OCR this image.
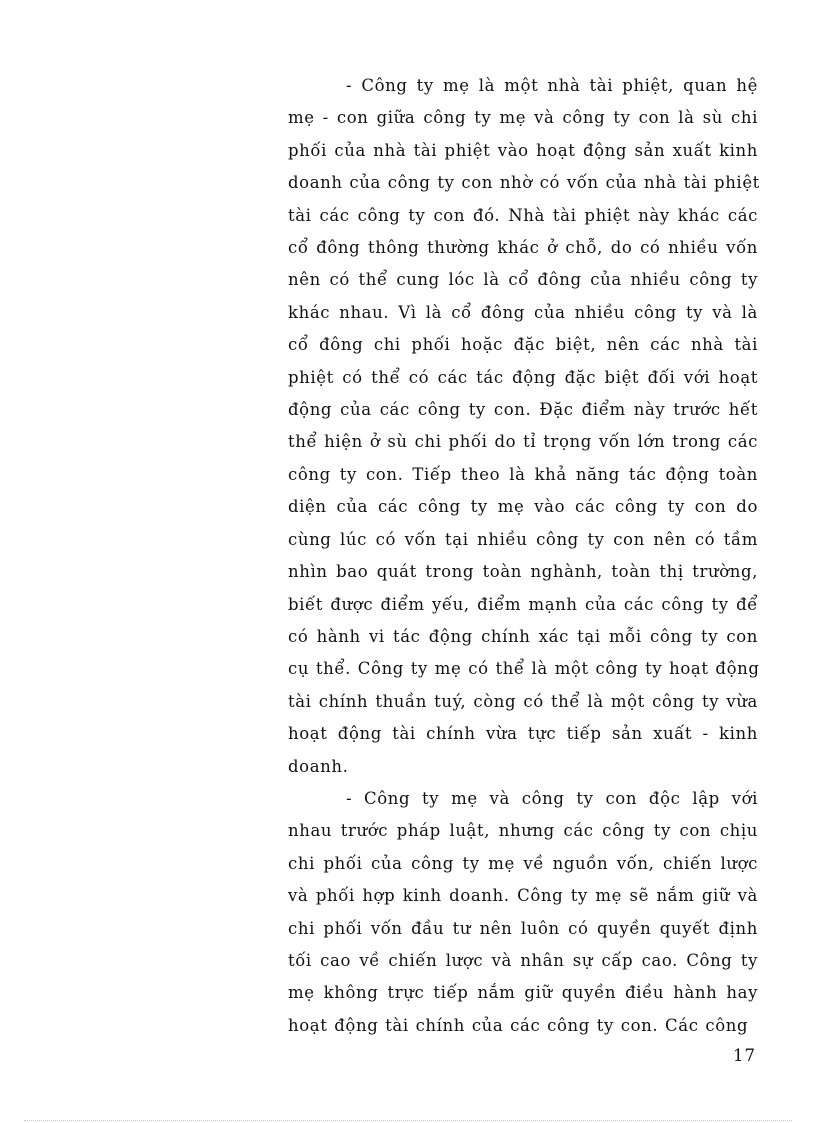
- Công ty mẹ là một nhà tài phiệt, quan hệ
mẹ - con giữa công ty mẹ và công ty con là sù chi
phối của nhà tài phiệt vào hoạt động sản xuất kinh
doanh của công ty con nhờ có vốn của nhà tài phiệt
tài các công ty con đó. Nhà tài phiệt này khác các
cổ đông thông thường khác ở chỗ, do có nhiều vốn
nên có thể cung lóc là cổ đông của nhiều công ty
khác nhau. Vì là cổ đông của nhiều công ty và là
cổ đông chi phối hoặc đặc biệt, nên các nhà tài
phiệt có thể có các tác động đặc biệt đối với hoạt
động của các công ty con. Đặc điểm này trước hết
thể hiện ở sù chi phối do tỉ trọng vốn lớn trong các
công ty con. Tiếp theo là khả năng tác động toàn
diện của các công ty mẹ vào các công ty con do
cùng lúc có vốn tại nhiều công ty con nên có tầm
nhìn bao quát trong toàn nghành, toàn thị trường,
biết được điểm yếu, điểm mạnh của các công ty để
có hành vi tác động chính xác tại mỗi công ty con
cụ thể. Công ty mẹ có thể là một công ty hoạt động
tài chính thuần tuý, còng có thể là một công ty vừa
hoạt động tài chính vừa tực tiếp sản xuất - kinh
doanh.

- Công ty mẹ và công ty con độc lập với
nhau trước pháp luật, nhưng các công ty con chịu
chi phối của công ty mẹ về nguồn vốn, chiến lược
và phối hợp kinh doanh. Công ty mẹ sẽ nắm giữ và
chi phối vốn đầu tư nên luôn có quyền quyết định
tối cao về chiến lược và nhân sự cấp cao. Công ty
mẹ không trực tiếp nắm giữ quyền điều hành hay
hoạt động tài chính của các công ty con. Các công

17
